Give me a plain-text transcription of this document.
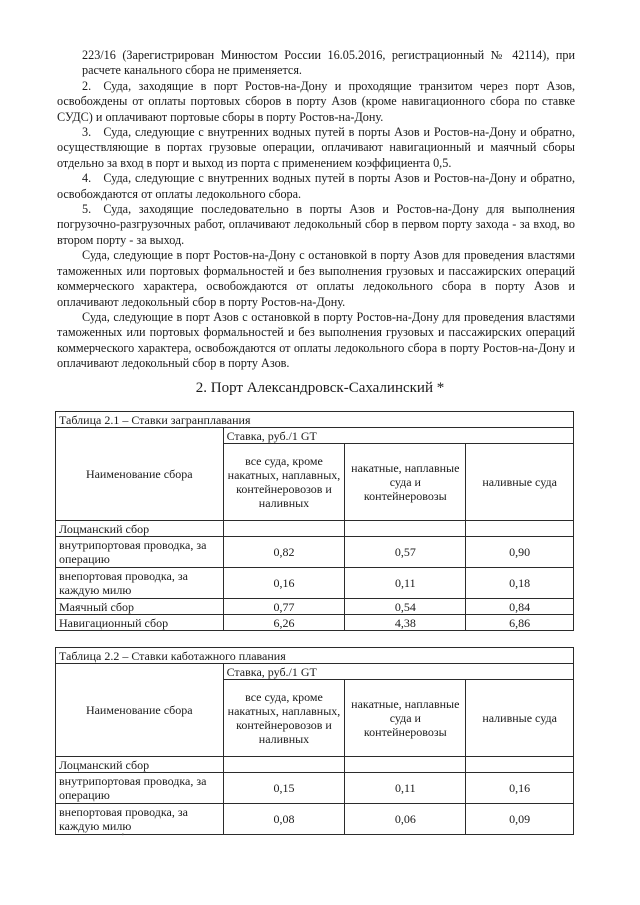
223/16 (Зарегистрирован Минюстом России 16.05.2016, регистрационный № 42114), при расчете канального сбора не применяется.

2. Суда, заходящие в порт Ростов-на-Дону и проходящие транзитом через порт Азов, освобождены от оплаты портовых сборов в порту Азов (кроме навигационного сбора по ставке СУДС) и оплачивают портовые сборы в порту Ростов-на-Дону.

3. Суда, следующие с внутренних водных путей в порты Азов и Ростов-на-Дону и обратно, осуществляющие в портах грузовые операции, оплачивают навигационный и маячный сборы отдельно за вход в порт и выход из порта с применением коэффициента 0,5.

4. Суда, следующие с внутренних водных путей в порты Азов и Ростов-на-Дону и обратно, освобождаются от оплаты ледокольного сбора.

5. Суда, заходящие последовательно в порты Азов и Ростов-на-Дону для выполнения погрузочно-разгрузочных работ, оплачивают ледокольный сбор в первом порту захода - за вход, во втором порту - за выход.

Суда, следующие в порт Ростов-на-Дону с остановкой в порту Азов для проведения властями таможенных или портовых формальностей и без выполнения грузовых и пассажирских операций коммерческого характера, освобождаются от оплаты ледокольного сбора в порту Азов и оплачивают ледокольный сбор в порту Ростов-на-Дону.

Суда, следующие в порт Азов с остановкой в порту Ростов-на-Дону для проведения властями таможенных или портовых формальностей и без выполнения грузовых и пассажирских операций коммерческого характера, освобождаются от оплаты ледокольного сбора в порту Ростов-на-Дону и оплачивают ледокольный сбор в порту Азов.

2. Порт Александровск-Сахалинский *
Таблица 2.1 – Ставки загранплавания			
Наименование сбора	Ставка, руб./1 GT		
	все суда, кроме накатных, наплавных, контейнеровозов и наливных	накатные, наплавные суда и контейнеровозы	наливные суда
Лоцманский сбор			
внутрипортовая проводка, за операцию	0,82	0,57	0,90
внепортовая проводка, за каждую милю	0,16	0,11	0,18
Маячный сбор	0,77	0,54	0,84
Навигационный сбор	6,26	4,38	6,86
Таблица 2.2 – Ставки каботажного плавания			
Наименование сбора	Ставка, руб./1 GT		
	все суда, кроме накатных, наплавных, контейнеровозов и наливных	накатные, наплавные суда и контейнеровозы	наливные суда
Лоцманский сбор			
внутрипортовая проводка, за операцию	0,15	0,11	0,16
внепортовая проводка, за каждую милю	0,08	0,06	0,09
'
